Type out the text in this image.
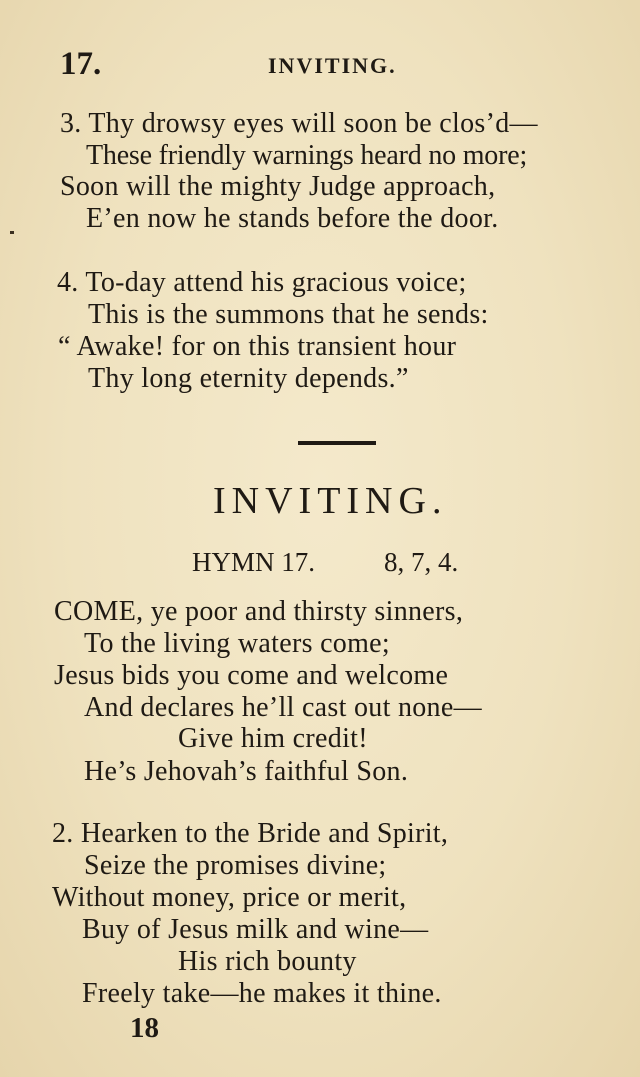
17.	INVITING.
3. Thy drowsy eyes will soon be clos’d—
These friendly warnings heard no more;
Soon will the mighty Judge approach,
E’en now he stands before the door.
4. To-day attend his gracious voice;
This is the summons that he sends:
“ Awake! for on this transient hour
Thy long eternity depends.”
INVITING.
HYMN 17.	8, 7, 4.
COME, ye poor and thirsty sinners,
To the living waters come;
Jesus bids you come and welcome
And declares he’ll cast out none—
Give him credit!
He’s Jehovah’s faithful Son.
2. Hearken to the Bride and Spirit,
Seize the promises divine;
Without money, price or merit,
Buy of Jesus milk and wine—
His rich bounty
Freely take—he makes it thine.
18
